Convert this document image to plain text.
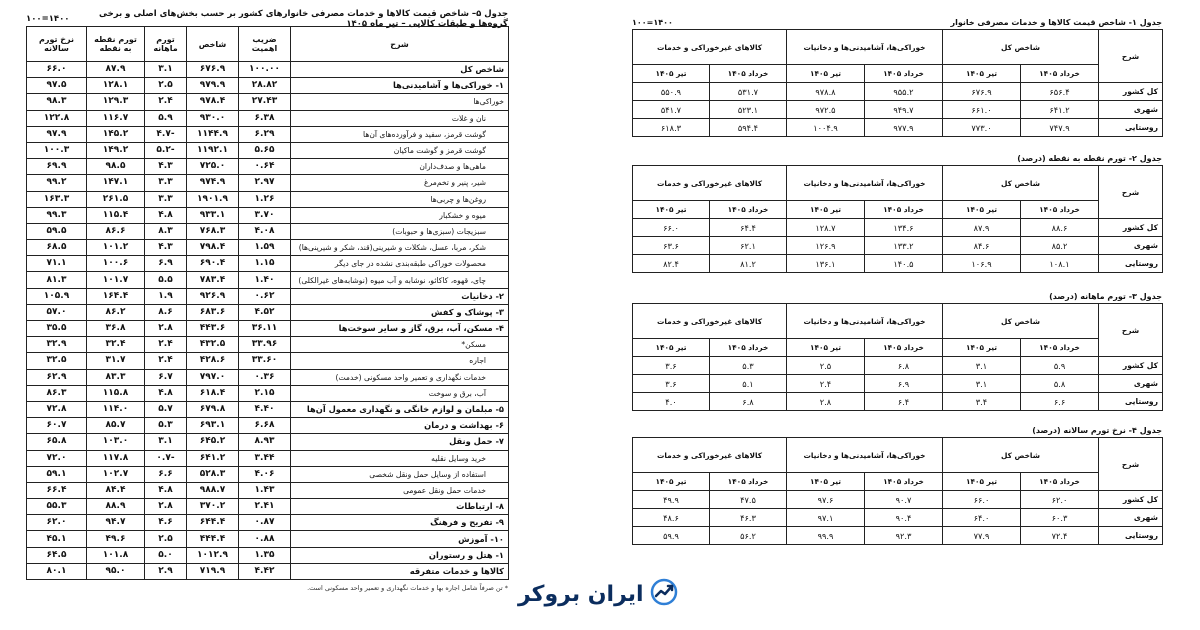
جدول ۵– شاخص قیمت کالاها و خدمات مصرفی خانوارهای کشور بر حسب بخش‌های اصلی و برخی گروه‌ها و طبقات کالایی – تیر ماه ۱۴۰۵
۱۴۰۰=۱۰۰
شرح	ضریب اهمیت	شاخص	تورم ماهانه	تورم نقطه به نقطه	نرخ تورم سالانه
شاخص کل	۱۰۰.۰۰	۶۷۶.۹	۳.۱	۸۷.۹	۶۶.۰
۱- خوراکی‌ها و آشامیدنی‌ها	۲۸.۸۲	۹۷۹.۹	۲.۵	۱۲۸.۱	۹۷.۵
خوراکی‌ها	۲۷.۴۳	۹۷۸.۴	۲.۴	۱۲۹.۳	۹۸.۳
نان و غلات	۶.۳۸	۹۳۰.۰	۵.۹	۱۱۶.۷	۱۲۲.۸
گوشت قرمز، سفید و فرآورده‌های آن‌ها	۶.۲۹	۱۱۴۴.۹	-۴.۷	۱۴۵.۲	۹۷.۹
گوشت قرمز و گوشت ماکیان	۵.۶۵	۱۱۹۲.۱	-۵.۲	۱۴۹.۲	۱۰۰.۳
ماهی‌ها و صدف‌داران	۰.۶۴	۷۲۵.۰	۴.۳	۹۸.۵	۶۹.۹
شیر، پنیر و تخم‌مرغ	۲.۹۷	۹۷۴.۹	۳.۳	۱۴۷.۱	۹۹.۲
روغن‌ها و چربی‌ها	۱.۲۶	۱۹۰۱.۹	۳.۳	۲۶۱.۵	۱۶۳.۳
میوه و خشکبار	۳.۷۰	۹۳۳.۱	۴.۸	۱۱۵.۴	۹۹.۳
سبزیجات (سبزی‌ها و حبوبات)	۴.۰۸	۷۶۸.۳	۸.۳	۸۶.۶	۵۹.۵
شکر، مربا، عسل، شکلات و شیرینی(قند، شکر و شیرینی‌ها)	۱.۵۹	۷۹۸.۴	۴.۳	۱۰۱.۲	۶۸.۵
محصولات خوراکی طبقه‌بندی نشده در جای دیگر	۱.۱۵	۶۹۰.۴	۶.۹	۱۰۰.۶	۷۱.۱
چای، قهوه، کاکائو، نوشابه و آب میوه (نوشابه‌های غیرالکلی)	۱.۴۰	۷۸۳.۴	۵.۵	۱۰۱.۷	۸۱.۳
۲- دخانیات	۰.۶۲	۹۲۶.۹	۱.۹	۱۶۴.۴	۱۰۵.۹
۳- پوشاک و کفش	۴.۵۲	۶۸۳.۶	۸.۶	۸۶.۲	۵۷.۰
۴- مسکن، آب، برق، گاز و سایر سوخت‌ها	۳۶.۱۱	۴۴۳.۶	۲.۸	۳۶.۸	۳۵.۵
مسکن*	۳۳.۹۶	۴۳۲.۵	۲.۴	۳۲.۴	۳۲.۹
اجاره	۳۳.۶۰	۴۲۸.۶	۲.۴	۳۱.۷	۳۲.۵
خدمات نگهداری و تعمیر واحد مسکونی (خدمت)	۰.۳۶	۷۹۷.۰	۶.۷	۸۳.۳	۶۲.۹
آب، برق و سوخت	۲.۱۵	۶۱۸.۴	۴.۸	۱۱۵.۸	۸۶.۳
۵- مبلمان و لوازم خانگی و نگهداری معمول آن‌ها	۴.۴۰	۶۷۹.۸	۵.۷	۱۱۴.۰	۷۲.۸
۶- بهداشت و درمان	۶.۶۸	۶۹۳.۱	۵.۳	۸۵.۷	۶۰.۷
۷- حمل ونقل	۸.۹۳	۶۴۵.۲	۳.۱	۱۰۳.۰	۶۵.۸
خرید وسایل نقلیه	۳.۴۴	۶۴۱.۲	-۰.۷	۱۱۷.۸	۷۲.۰
استفاده از وسایل حمل ونقل شخصی	۴.۰۶	۵۲۸.۳	۶.۶	۱۰۲.۷	۵۹.۱
خدمات حمل ونقل عمومی	۱.۴۳	۹۸۸.۷	۴.۸	۸۴.۴	۶۶.۴
۸- ارتباطات	۲.۴۱	۳۷۰.۲	۲.۸	۸۸.۹	۵۵.۳
۹- تفریح و فرهنگ	۰.۸۷	۶۴۴.۴	۴.۶	۹۴.۷	۶۲.۰
۱۰- آموزش	۰.۸۸	۴۴۴.۴	۲.۵	۴۹.۶	۴۵.۱
۱- هتل و رستوران	۱.۳۵	۱۰۱۲.۹	۵.۰	۱۰۱.۸	۶۴.۵
کالاها و خدمات متفرقه	۴.۴۲	۷۱۹.۹	۲.۹	۹۵.۰	۸۰.۱
* تن صرفاً شامل اجاره بها و خدمات نگهداری و تعمیر واحد مسکونی است.
جدول ۱- شاخص قیمت کالاها و خدمات مصرفی خانوار
۱۴۰۰=۱۰۰
شرح	شاخص کل		خوراکی‌ها، آشامیدنی‌ها و دخانیات		کالاهای غیرخوراکی و خدمات	
	خرداد ۱۴۰۵	تیر ۱۴۰۵	خرداد ۱۴۰۵	تیر ۱۴۰۵	خرداد ۱۴۰۵	تیر ۱۴۰۵
کل کشور	۶۵۶.۴	۶۷۶.۹	۹۵۵.۲	۹۷۸.۸	۵۳۱.۷	۵۵۰.۹
شهری	۶۴۱.۲	۶۶۱.۰	۹۴۹.۷	۹۷۲.۵	۵۲۳.۱	۵۴۱.۷
روستایی	۷۴۷.۹	۷۷۳.۰	۹۷۷.۹	۱۰۰۴.۹	۵۹۴.۴	۶۱۸.۳
جدول ۲- تورم نقطه به نقطه (درصد)
شرح	شاخص کل		خوراکی‌ها، آشامیدنی‌ها و دخانیات		کالاهای غیرخوراکی و خدمات	
	خرداد ۱۴۰۵	تیر ۱۴۰۵	خرداد ۱۴۰۵	تیر ۱۴۰۵	خرداد ۱۴۰۵	تیر ۱۴۰۵
کل کشور	۸۸.۶	۸۷.۹	۱۳۴.۶	۱۲۸.۷	۶۴.۴	۶۶.۰
شهری	۸۵.۲	۸۴.۶	۱۳۳.۲	۱۲۶.۹	۶۲.۱	۶۳.۶
روستایی	۱۰۸.۱	۱۰۶.۹	۱۴۰.۵	۱۳۶.۱	۸۱.۲	۸۲.۴
جدول ۳- تورم ماهانه (درصد)
شرح	شاخص کل		خوراکی‌ها، آشامیدنی‌ها و دخانیات		کالاهای غیرخوراکی و خدمات	
	خرداد ۱۴۰۵	تیر ۱۴۰۵	خرداد ۱۴۰۵	تیر ۱۴۰۵	خرداد ۱۴۰۵	تیر ۱۴۰۵
کل کشور	۵.۹	۳.۱	۶.۸	۲.۵	۵.۳	۳.۶
شهری	۵.۸	۳.۱	۶.۹	۲.۴	۵.۱	۳.۶
روستایی	۶.۶	۳.۴	۶.۴	۲.۸	۶.۸	۴.۰
جدول ۴- نرخ تورم سالانه (درصد)
شرح	شاخص کل		خوراکی‌ها، آشامیدنی‌ها و دخانیات		کالاهای غیرخوراکی و خدمات	
	خرداد ۱۴۰۵	تیر ۱۴۰۵	خرداد ۱۴۰۵	تیر ۱۴۰۵	خرداد ۱۴۰۵	تیر ۱۴۰۵
کل کشور	۶۲.۰	۶۶.۰	۹۰.۷	۹۷.۶	۴۷.۵	۴۹.۹
شهری	۶۰.۳	۶۴.۰	۹۰.۴	۹۷.۱	۴۶.۳	۴۸.۶
روستایی	۷۲.۴	۷۷.۹	۹۲.۳	۹۹.۹	۵۶.۲	۵۹.۹
ایران بروکر
